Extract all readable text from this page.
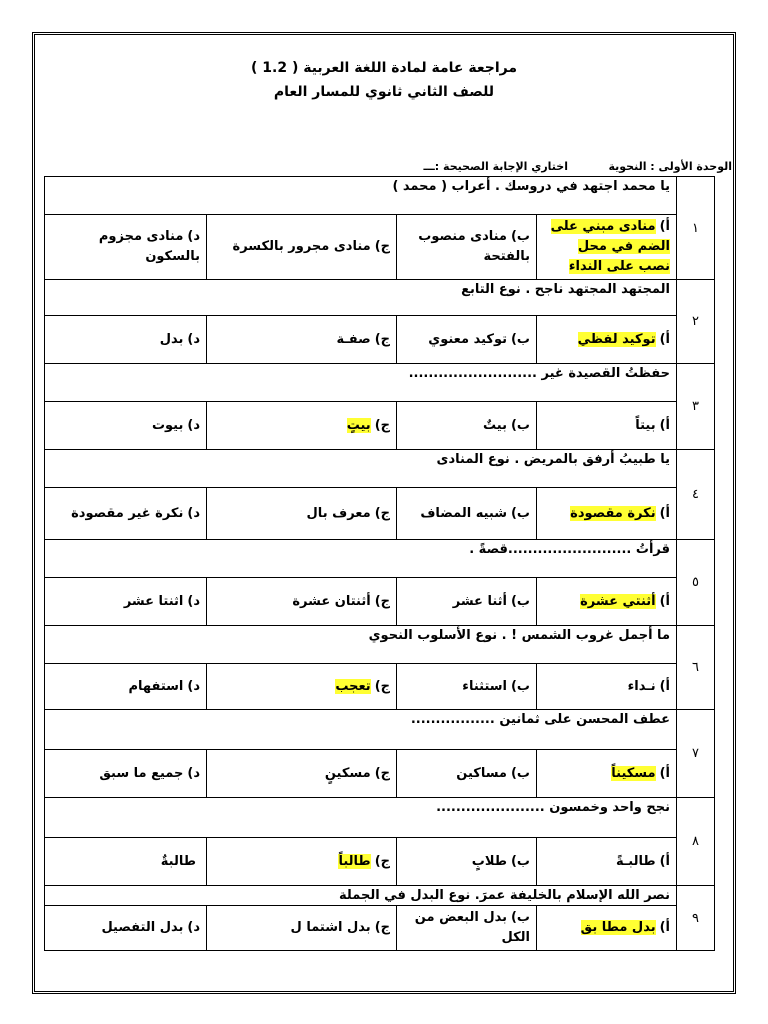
مراجعة عامة لمادة اللغة العربية ( 1.2 )
للصف الثاني ثانوي للمسار العام
الوحدة الأولى : النحوية
اختاري الإجابة الصحيحة :ـــ
١	يا محمد اجتهد في دروسك . أعراب ( محمد )			
	أ)منادى مبني على الضم في محل نصب على النداء	ب)منادى منصوب بالفتحة	ج)منادى مجرور بالكسرة	د)منادى مجزوم بالسكون
٢	المجتهد المجتهد ناجح . نوع التابع			
	أ)توكيد لفظي	ب)توكيد معنوي	ج)صفـة	د)بدل
٣	حفظتُ القصيدة غير ..........................			
	أ)بيتاً	ب)بيتٌ	ج)بيتٍ	د)بيوت
٤	يا طبيبُ أرفق بالمريض . نوع المنادى			
	أ)نكرة مقصودة	ب)شبيه المضاف	ج)معرف بال	د)نكرة غير مقصودة
٥	قرأتُ .........................قصةً .			
	أ)أثنتي عشرة	ب)أثنا عشر	ج)أثنتان عشرة	د)اثنتا عشر
٦	ما أجمل غروب الشمس ! . نوع الأسلوب النحوي			
	أ)نـداء	ب)استثناء	ج)تعجب	د)استفهام
٧	عطف المحسن على ثمانين .................			
	أ)مسكيناً	ب)مساكين	ج)مسكينٍ	د)جميع ما سبق
٨	نجح واحد وخمسون ......................			
	أ)طالبـةً	ب)طلابٍ	ج)طالباً	طالبةٌ
٩	نصر الله الإسلام بالخليفة عمرَ. نوع البدل في الجملة			
	أ)بدل مطا بق	ب)بدل البعض من الكل	ج)بدل اشتما ل	د)بدل التفصيل
